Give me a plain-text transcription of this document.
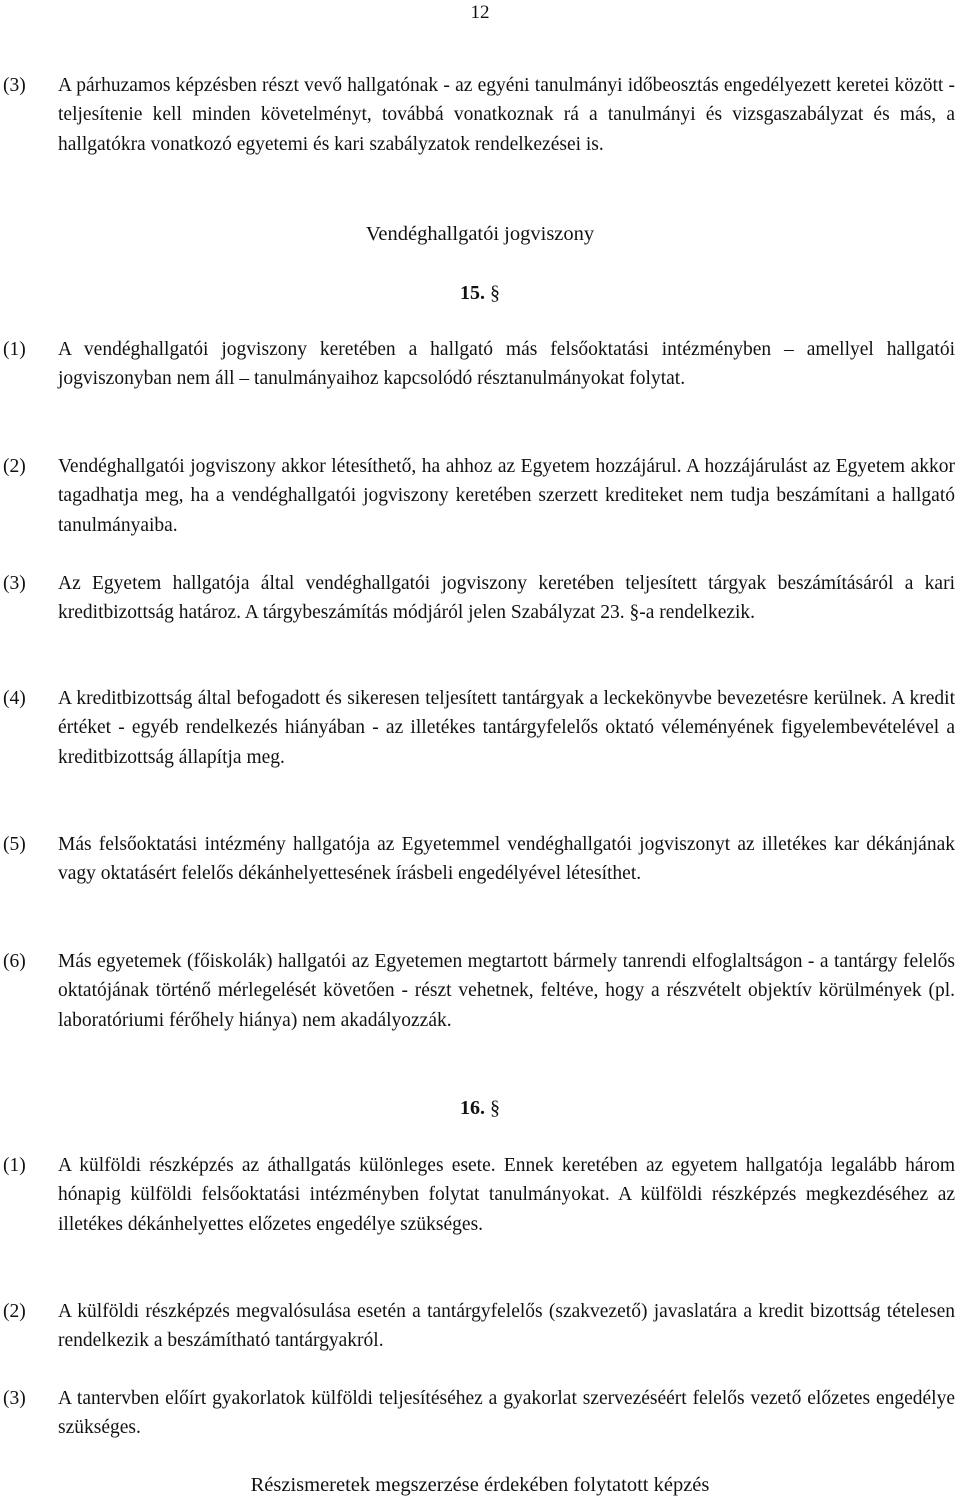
12
(3)	A párhuzamos képzésben részt vevő hallgatónak - az egyéni tanulmányi időbeosztás engedélyezett keretei között - teljesítenie kell minden követelményt, továbbá vonatkoznak rá a tanulmányi és vizsgaszabályzat és más, a hallgatókra vonatkozó egyetemi és kari szabályzatok rendelkezései is.
Vendéghallgatói jogviszony
15. §
(1)	A vendéghallgatói jogviszony keretében a hallgató más felsőoktatási intézményben – amellyel hallgatói jogviszonyban nem áll – tanulmányaihoz kapcsolódó résztanulmányokat folytat.
(2)	Vendéghallgatói jogviszony akkor létesíthető, ha ahhoz az Egyetem hozzájárul. A hozzájárulást az Egyetem akkor tagadhatja meg, ha a vendéghallgatói jogviszony keretében szerzett krediteket nem tudja beszámítani a hallgató tanulmányaiba.
(3)	Az Egyetem hallgatója által vendéghallgatói jogviszony keretében teljesített tárgyak beszámításáról a kari kreditbizottság határoz. A tárgybeszámítás módjáról jelen Szabályzat 23. §-a rendelkezik.
(4)	A kreditbizottság által befogadott és sikeresen teljesített tantárgyak a leckekönyvbe bevezetésre kerülnek. A kredit értéket - egyéb rendelkezés hiányában - az illetékes tantárgyfelelős oktató véleményének figyelembevételével a kreditbizottság állapítja meg.
(5)	Más felsőoktatási intézmény hallgatója az Egyetemmel vendéghallgatói jogviszonyt az illetékes kar dékánjának vagy oktatásért felelős dékánhelyettesének írásbeli engedélyével létesíthet.
(6)	Más egyetemek (főiskolák) hallgatói az Egyetemen megtartott bármely tanrendi elfoglaltságon - a tantárgy felelős oktatójának történő mérlegelését követően - részt vehetnek, feltéve, hogy a részvételt objektív körülmények (pl. laboratóriumi férőhely hiánya) nem akadályozzák.
16. §
(1)	A külföldi részképzés az áthallgatás különleges esete. Ennek keretében az egyetem hallgatója legalább három hónapig külföldi felsőoktatási intézményben folytat tanulmányokat. A külföldi részképzés megkezdéséhez az illetékes dékánhelyettes előzetes engedélye szükséges.
(2)	A külföldi részképzés megvalósulása esetén a tantárgyfelelős (szakvezető) javaslatára a kredit bizottság tételesen rendelkezik a beszámítható tantárgyakról.
(3)	A tantervben előírt gyakorlatok külföldi teljesítéséhez a gyakorlat szervezéséért felelős vezető előzetes engedélye szükséges.
Részismeretek megszerzése érdekében folytatott képzés
